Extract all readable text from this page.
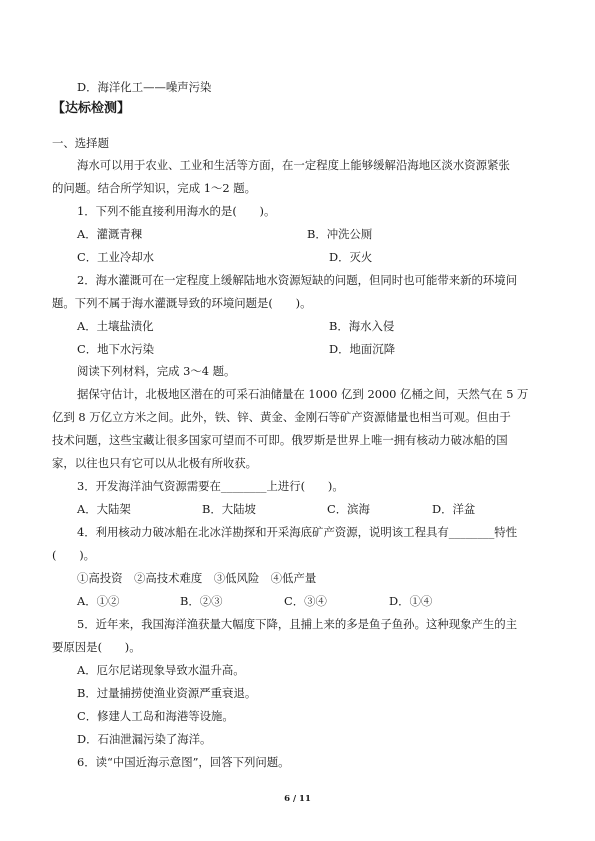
D．海洋化工——噪声污染
【达标检测】
一、选择题
海水可以用于农业、工业和生活等方面，在一定程度上能够缓解沿海地区淡水资源紧张
的问题。结合所学知识，完成 1～2 题。
1．下列不能直接利用海水的是(　　)。
A．灌溉青稞	B．冲洗公厕
C．工业冷却水	D．灭火
2．海水灌溉可在一定程度上缓解陆地水资源短缺的问题，但同时也可能带来新的环境问
题。下列不属于海水灌溉导致的环境问题是(　　)。
A．土壤盐渍化	B．海水入侵
C．地下水污染	D．地面沉降
阅读下列材料，完成 3～4 题。
据保守估计，北极地区潜在的可采石油储量在 1000 亿到 2000 亿桶之间，天然气在 5 万
亿到 8 万亿立方米之间。此外，铁、锌、黄金、金刚石等矿产资源储量也相当可观。但由于
技术问题，这些宝藏让很多国家可望而不可即。俄罗斯是世界上唯一拥有核动力破冰船的国
家，以往也只有它可以从北极有所收获。
3．开发海洋油气资源需要在________上进行(　　)。
A．大陆架	B．大陆坡	C．滨海	D．洋盆
4．利用核动力破冰船在北冰洋勘探和开采海底矿产资源，说明该工程具有________特性
(　　)。
①高投资　②高技术难度　③低风险　④低产量
A．①②	B．②③	C．③④	D．①④
5．近年来，我国海洋渔获量大幅度下降，且捕上来的多是鱼子鱼孙。这种现象产生的主
要原因是(　　)。
A．厄尔尼诺现象导致水温升高。
B．过量捕捞使渔业资源严重衰退。
C．修建人工岛和海港等设施。
D．石油泄漏污染了海洋。
6．读“中国近海示意图”，回答下列问题。
6 / 11
